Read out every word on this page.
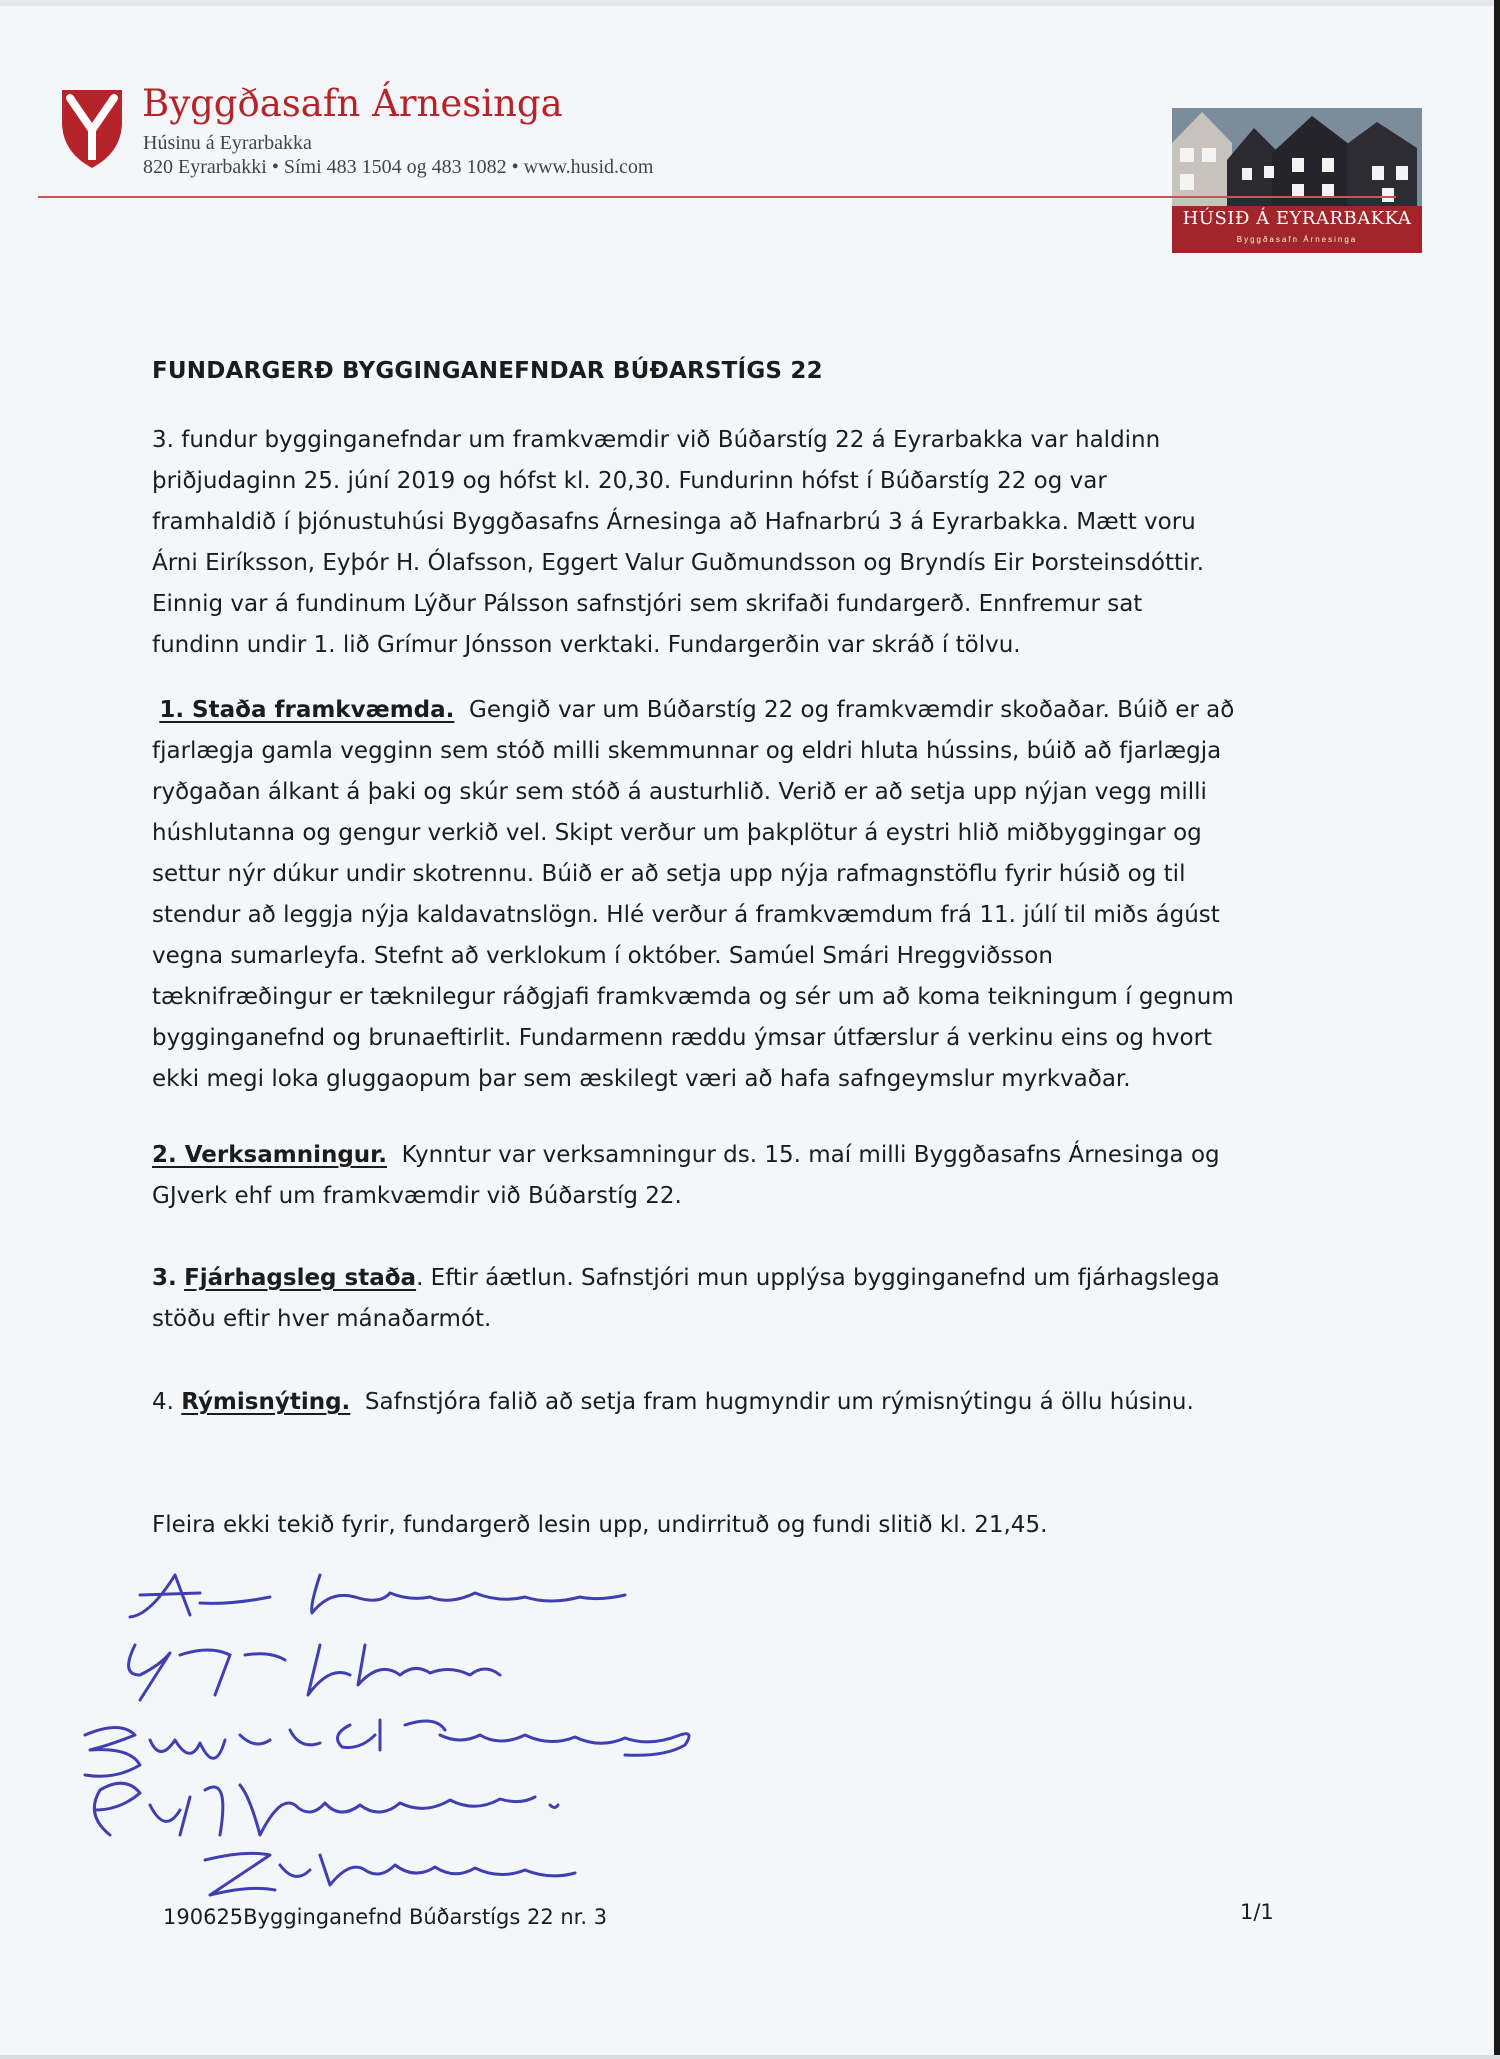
Byggðasafn Árnesinga
Húsinu á Eyrarbakka
820 Eyrarbakki • Sími 483 1504 og 483 1082 • www.husid.com
HÚSIÐ Á EYRARBAKKA
Byggðasafn Árnesinga
FUNDARGERÐ BYGGINGANEFNDAR BÚÐARSTÍGS 22
3. fundur bygginganefndar um framkvæmdir við Búðarstíg 22 á Eyrarbakka var haldinn
þriðjudaginn 25. júní 2019 og hófst kl. 20,30. Fundurinn hófst í Búðarstíg 22 og var
framhaldið í þjónustuhúsi Byggðasafns Árnesinga að Hafnarbrú 3 á Eyrarbakka. Mætt voru
Árni Eiríksson, Eyþór H. Ólafsson, Eggert Valur Guðmundsson og Bryndís Eir Þorsteinsdóttir.
Einnig var á fundinum Lýður Pálsson safnstjóri sem skrifaði fundargerð. Ennfremur sat
fundinn undir 1. lið Grímur Jónsson verktaki. Fundargerðin var skráð í tölvu.
1. Staða framkvæmda. Gengið var um Búðarstíg 22 og framkvæmdir skoðaðar. Búið er að
fjarlægja gamla vegginn sem stóð milli skemmunnar og eldri hluta hússins, búið að fjarlægja
ryðgaðan álkant á þaki og skúr sem stóð á austurhlið. Verið er að setja upp nýjan vegg milli
húshlutanna og gengur verkið vel. Skipt verður um þakplötur á eystri hlið miðbyggingar og
settur nýr dúkur undir skotrennu. Búið er að setja upp nýja rafmagnstöflu fyrir húsið og til
stendur að leggja nýja kaldavatnslögn. Hlé verður á framkvæmdum frá 11. júlí til miðs ágúst
vegna sumarleyfa. Stefnt að verklokum í október. Samúel Smári Hreggviðsson
tæknifræðingur er tæknilegur ráðgjafi framkvæmda og sér um að koma teikningum í gegnum
bygginganefnd og brunaeftirlit. Fundarmenn ræddu ýmsar útfærslur á verkinu eins og hvort
ekki megi loka gluggaopum þar sem æskilegt væri að hafa safngeymslur myrkvaðar.
2. Verksamningur. Kynntur var verksamningur ds. 15. maí milli Byggðasafns Árnesinga og
GJverk ehf um framkvæmdir við Búðarstíg 22.
3. Fjárhagsleg staða. Eftir áætlun. Safnstjóri mun upplýsa bygginganefnd um fjárhagslega
stöðu eftir hver mánaðarmót.
4. Rýmisnýting. Safnstjóra falið að setja fram hugmyndir um rýmisnýtingu á öllu húsinu.
Fleira ekki tekið fyrir, fundargerð lesin upp, undirrituð og fundi slitið kl. 21,45.
190625Bygginganefnd Búðarstígs 22 nr. 3	1/1
